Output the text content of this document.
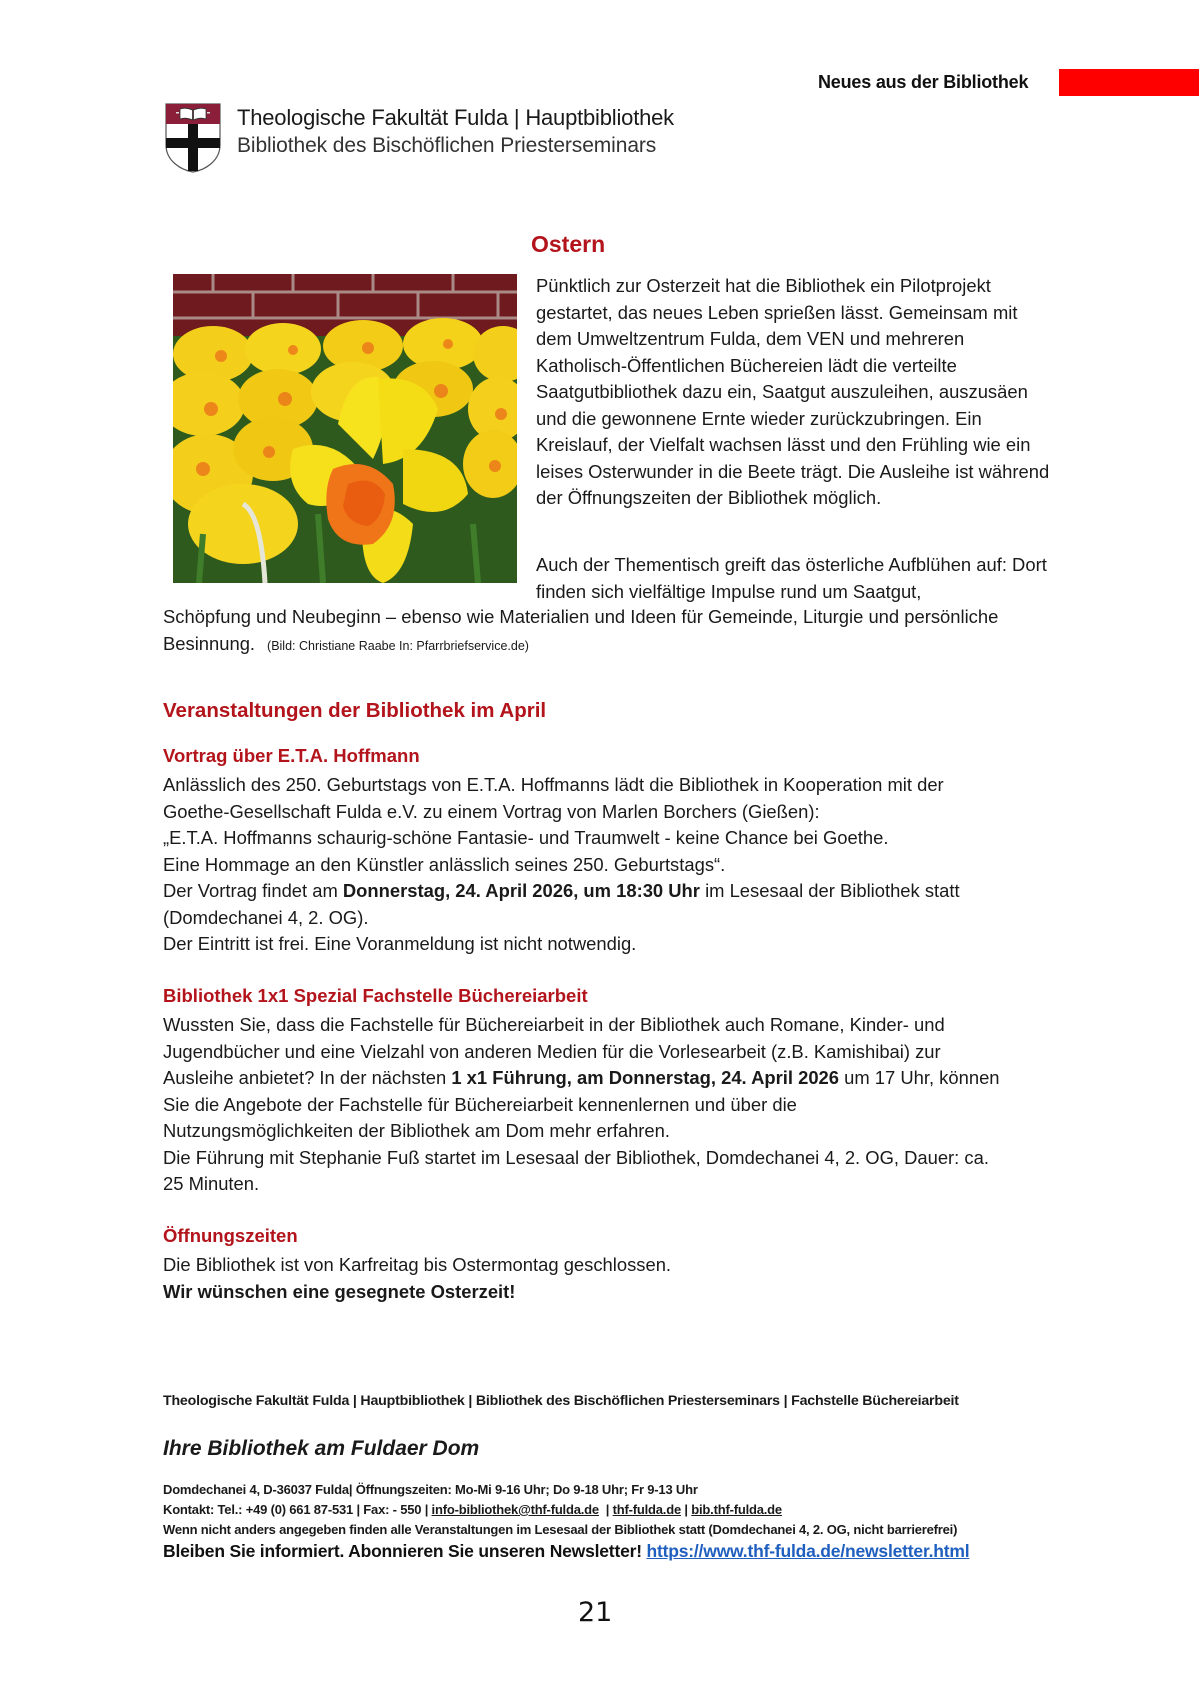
Neues aus der Bibliothek
Theologische Fakultät Fulda | Hauptbibliothek
Bibliothek des Bischöflichen Priesterseminars
Ostern
Pünktlich zur Osterzeit hat die Bibliothek ein Pilotprojekt gestartet, das neues Leben sprießen lässt. Gemeinsam mit dem Umweltzentrum Fulda, dem VEN und mehreren Katholisch-Öffentlichen Büchereien lädt die verteilte Saatgutbibliothek dazu ein, Saatgut auszuleihen, auszusäen und die gewonnene Ernte wieder zurückzubringen. Ein Kreislauf, der Vielfalt wachsen lässt und den Frühling wie ein leises Osterwunder in die Beete trägt. Die Ausleihe ist während der Öffnungszeiten der Bibliothek möglich.
Auch der Thementisch greift das österliche Aufblühen auf: Dort finden sich vielfältige Impulse rund um Saatgut,
Schöpfung und Neubeginn – ebenso wie Materialien und Ideen für Gemeinde, Liturgie und persönliche Besinnung. (Bild: Christiane Raabe In: Pfarrbriefservice.de)
Veranstaltungen der Bibliothek im April
Vortrag über E.T.A. Hoffmann
Anlässlich des 250. Geburtstags von E.T.A. Hoffmanns lädt die Bibliothek in Kooperation mit der
Goethe-Gesellschaft Fulda e.V. zu einem Vortrag von Marlen Borchers (Gießen):
„E.T.A. Hoffmanns schaurig-schöne Fantasie- und Traumwelt - keine Chance bei Goethe.
Eine Hommage an den Künstler anlässlich seines 250. Geburtstags“.
Der Vortrag findet am Donnerstag, 24. April 2026, um 18:30 Uhr im Lesesaal der Bibliothek statt
(Domdechanei 4, 2. OG).
Der Eintritt ist frei. Eine Voranmeldung ist nicht notwendig.
Bibliothek 1x1 Spezial Fachstelle Büchereiarbeit
Wussten Sie, dass die Fachstelle für Büchereiarbeit in der Bibliothek auch Romane, Kinder- und
Jugendbücher und eine Vielzahl von anderen Medien für die Vorlesearbeit (z.B. Kamishibai) zur
Ausleihe anbietet? In der nächsten 1 x1 Führung, am Donnerstag, 24. April 2026 um 17 Uhr, können
Sie die Angebote der Fachstelle für Büchereiarbeit kennenlernen und über die
Nutzungsmöglichkeiten der Bibliothek am Dom mehr erfahren.
Die Führung mit Stephanie Fuß startet im Lesesaal der Bibliothek, Domdechanei 4, 2. OG, Dauer: ca.
25 Minuten.
Öffnungszeiten
Die Bibliothek ist von Karfreitag bis Ostermontag geschlossen.
Wir wünschen eine gesegnete Osterzeit!
Theologische Fakultät Fulda | Hauptbibliothek | Bibliothek des Bischöflichen Priesterseminars | Fachstelle Büchereiarbeit
Ihre Bibliothek am Fuldaer Dom
Domdechanei 4, D-36037 Fulda| Öffnungszeiten: Mo-Mi 9-16 Uhr; Do 9-18 Uhr; Fr 9-13 Uhr
Kontakt: Tel.: +49 (0) 661 87-531 | Fax: - 550 | info-bibliothek@thf-fulda.de  | thf-fulda.de | bib.thf-fulda.de
Wenn nicht anders angegeben finden alle Veranstaltungen im Lesesaal der Bibliothek statt (Domdechanei 4, 2. OG, nicht barrierefrei)
Bleiben Sie informiert. Abonnieren Sie unseren Newsletter! https://www.thf-fulda.de/newsletter.html
21
